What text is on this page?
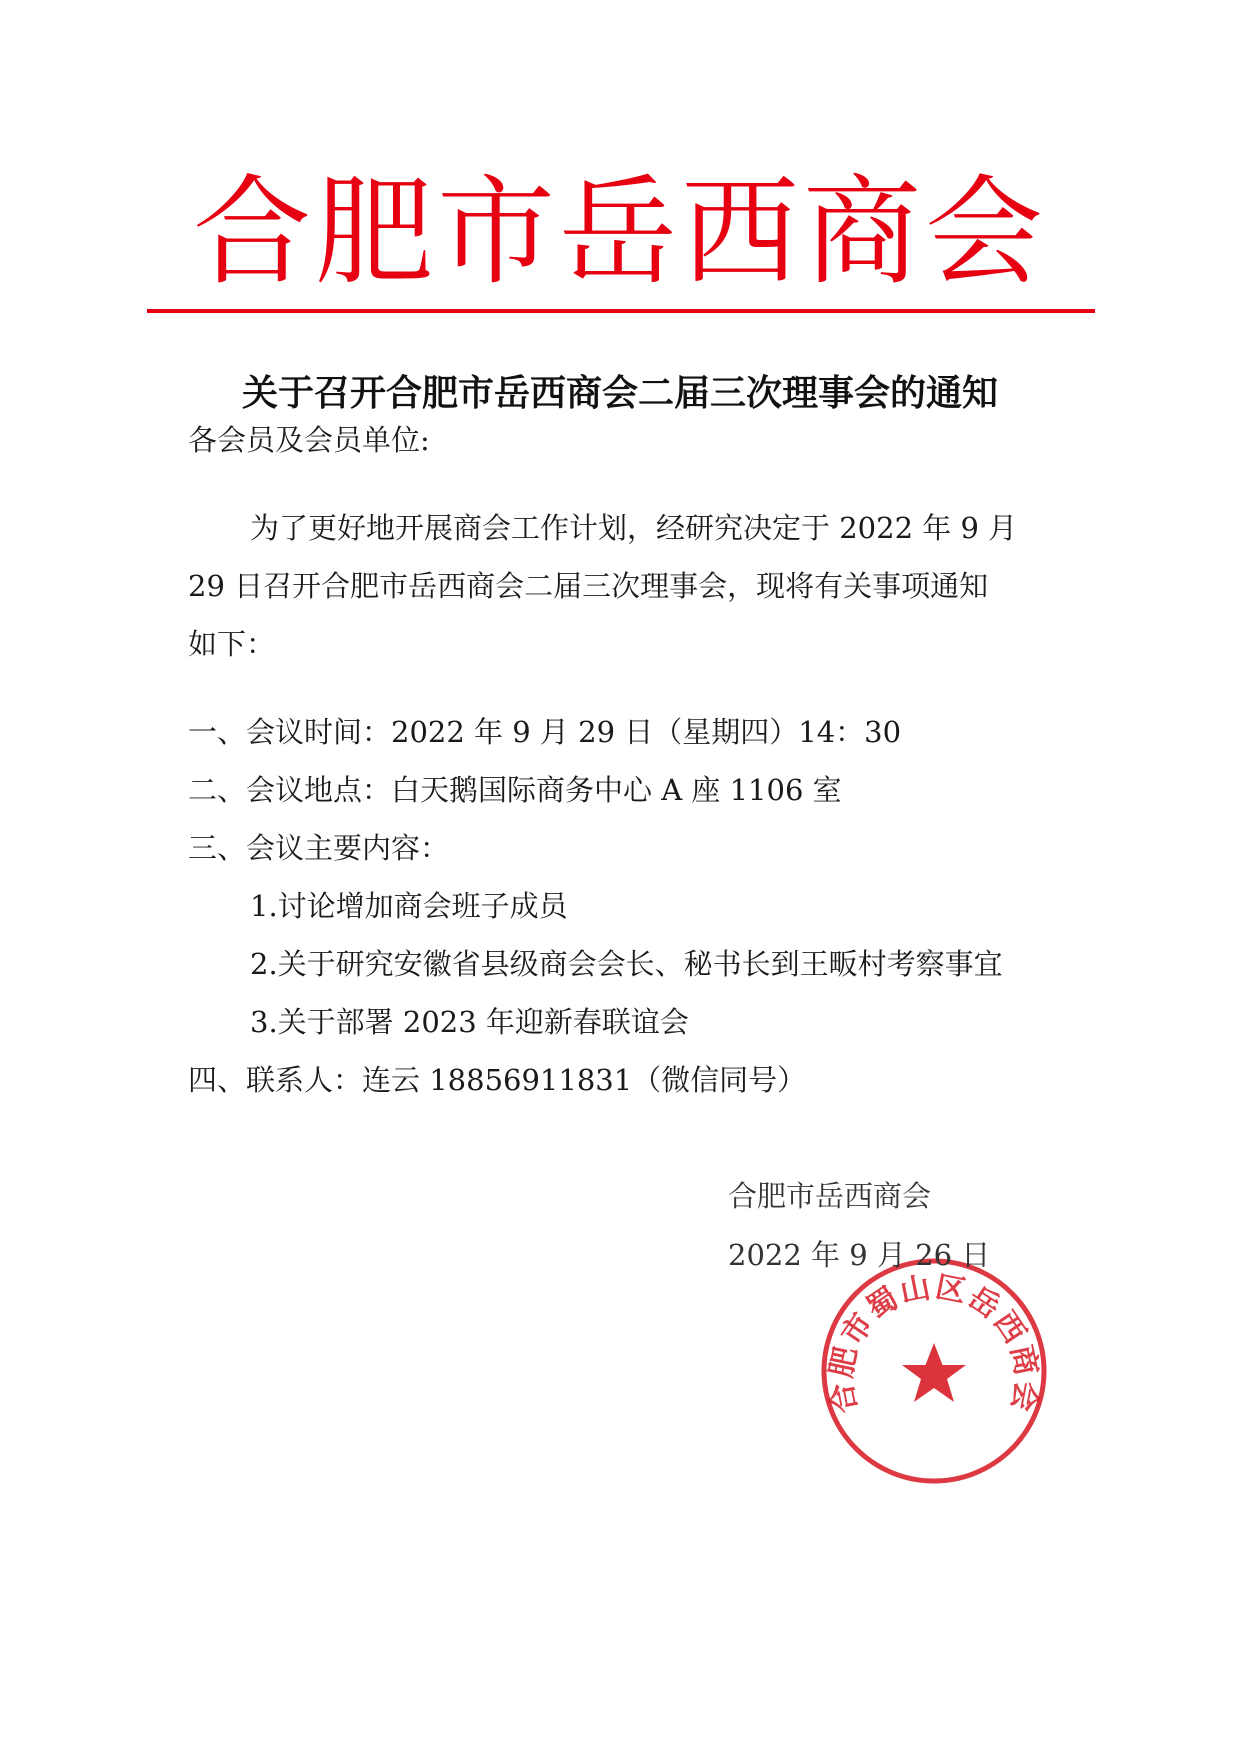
合肥市岳西商会
关于召开合肥市岳西商会二届三次理事会的通知
各会员及会员单位:
为了更好地开展商会工作计划，经研究决定于 2022 年 9 月
29 日召开合肥市岳西商会二届三次理事会，现将有关事项通知
如下：
一、会议时间：2022 年 9 月 29 日（星期四）14：30
二、会议地点：白天鹅国际商务中心 A 座 1106 室
三、会议主要内容：
1.讨论增加商会班子成员
2.关于研究安徽省县级商会会长、秘书长到王畈村考察事宜
3.关于部署 2023 年迎新春联谊会
四、联系人：连云 18856911831（微信同号）
合肥市蜀山区岳西商会
合肥市岳西商会
2022 年 9 月 26 日
